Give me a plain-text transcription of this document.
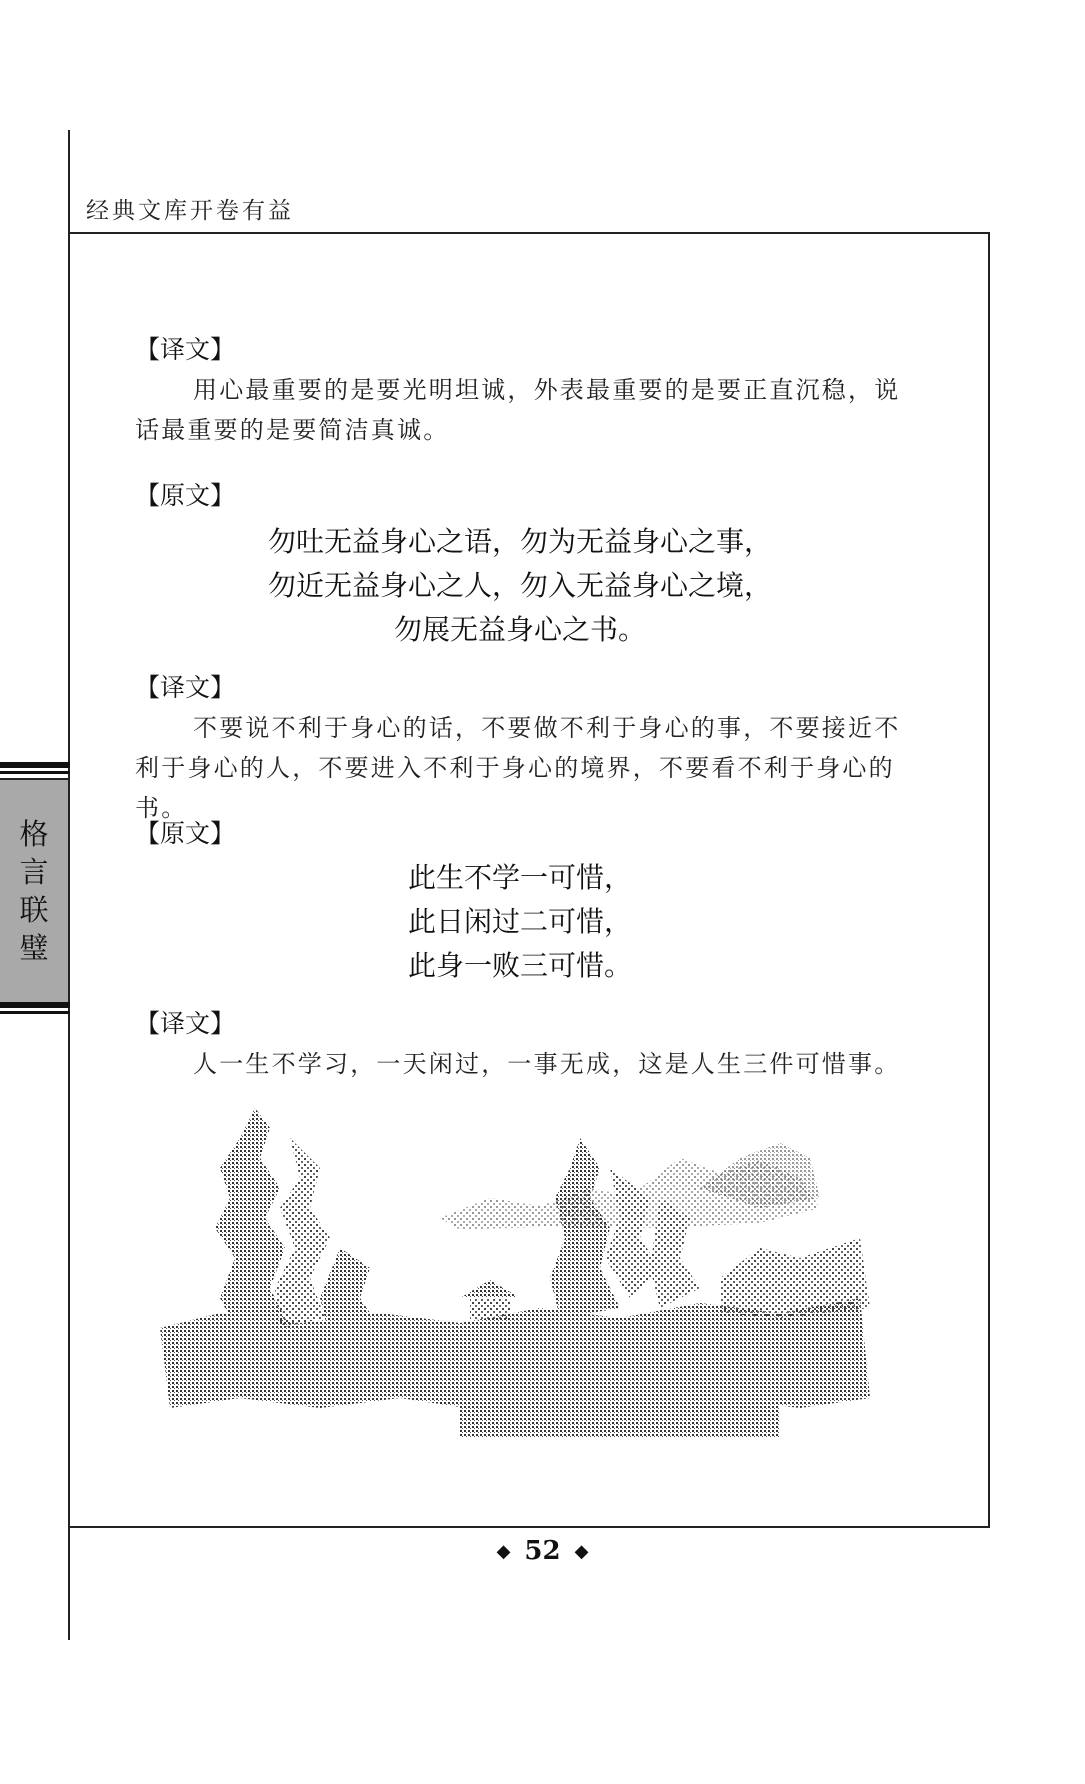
经典文库开卷有益
格
言
联
璧
【译文】
用心最重要的是要光明坦诚，外表最重要的是要正直沉稳，说话最重要的是要简洁真诚。
【原文】
勿吐无益身心之语，勿为无益身心之事，
勿近无益身心之人，勿入无益身心之境，
勿展无益身心之书。
【译文】
不要说不利于身心的话，不要做不利于身心的事，不要接近不利于身心的人，不要进入不利于身心的境界，不要看不利于身心的书。
【原文】
此生不学一可惜，
此日闲过二可惜，
此身一败三可惜。
【译文】
人一生不学习，一天闲过，一事无成，这是人生三件可惜事。
◆ 52 ◆
